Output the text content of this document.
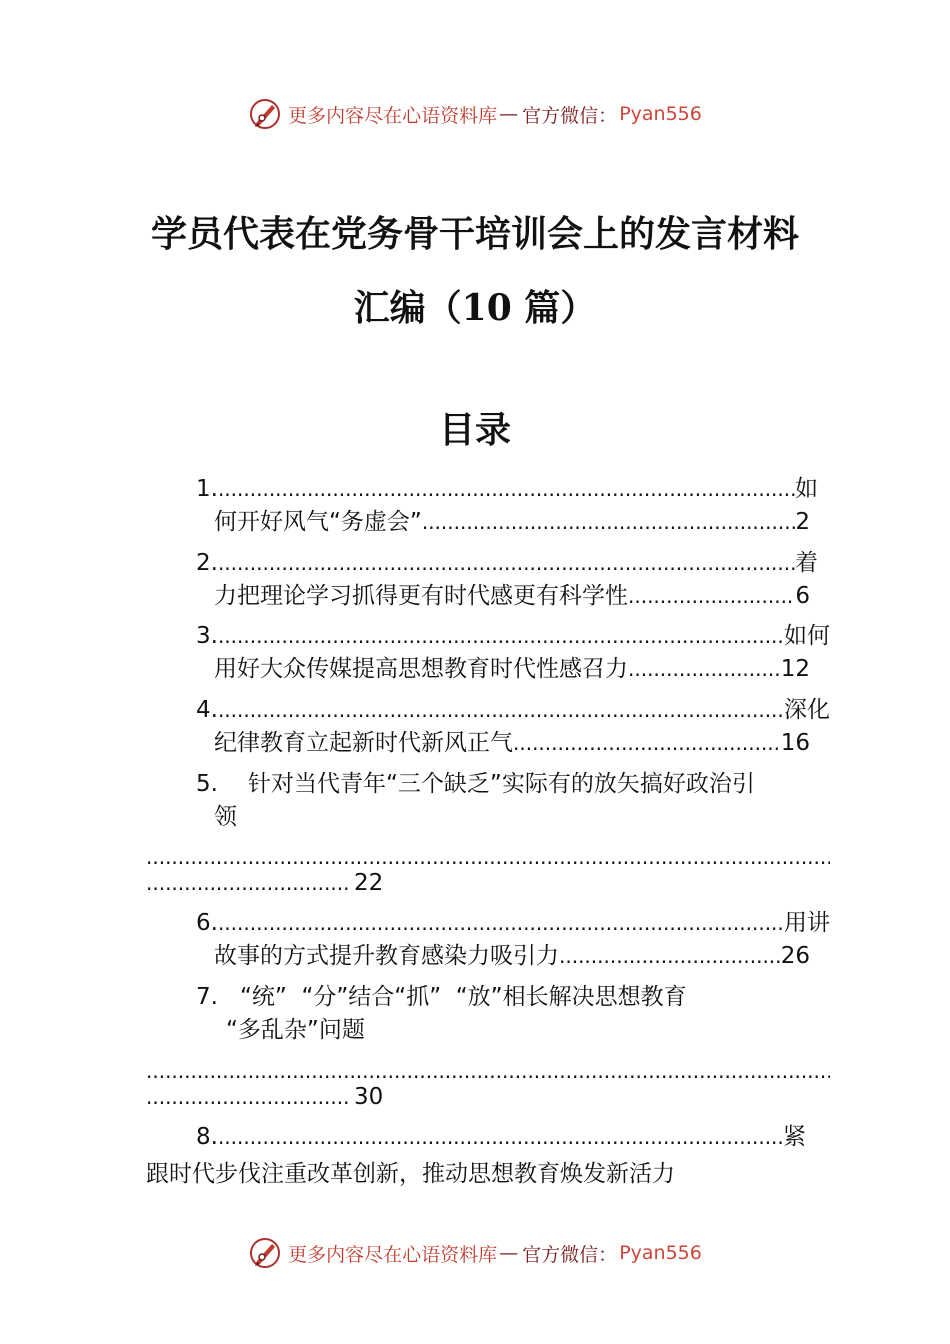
更多内容尽在心语资料库 — 官方微信： Pyan556
学员代表在党务骨干培训会上的发言材料
汇编（10 篇）
目录
1. .....	如
何开好风气“务虚会” .....	2
2. .....	着
力把理论学习抓得更有时代感更有科学性 .....	6
3. .....	如何
用好大众传媒提高思想教育时代性感召力 .....	12
4. .....	深化
纪律教育立起新时代新风正气 .....	16
5.	针对当代青年“三个缺乏”实际有的放矢搞好政治引
领
.....
.....
22
6. .....	用讲
故事的方式提升教育感染力吸引力 .....	26
7. “统”  “分”结合“抓”  “放”相长解决思想教育
“多乱杂”问题
.....
.....
30
8. .....	紧
跟时代步伐注重改革创新，推动思想教育焕发新活力
更多内容尽在心语资料库 — 官方微信： Pyan556
